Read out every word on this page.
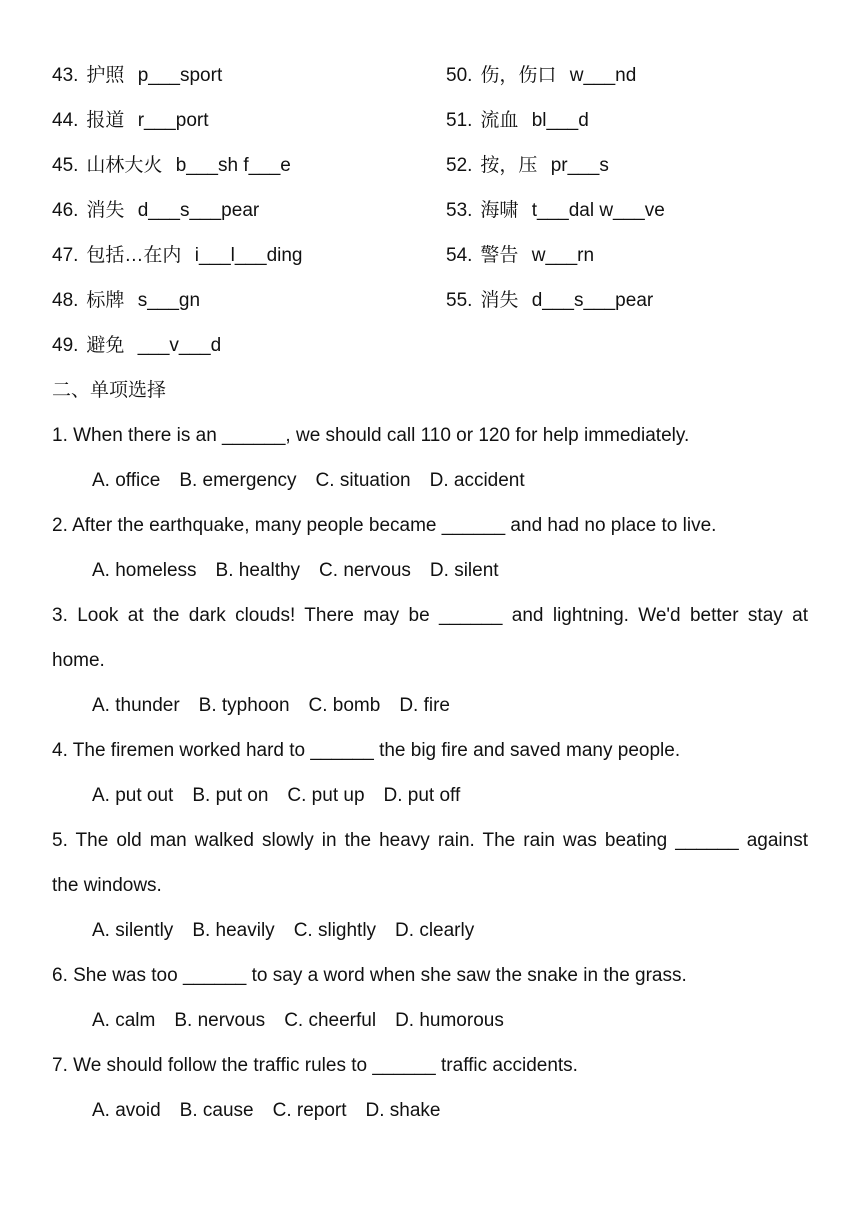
43. 护照 p___sport	50. 伤，伤口 w___nd
44. 报道 r___port	51. 流血 bl___d
45. 山林大火 b___sh f___e	52. 按，压 pr___s
46. 消失 d___s___pear	53. 海啸 t___dal w___ve
47. 包括…在内 i___l___ding	54. 警告 w___rn
48. 标牌 s___gn	55. 消失 d___s___pear
49. 避免 ___v___d
二、单项选择
1. When there is an ______, we should call 110 or 120 for help immediately.
A. office B. emergency C. situation D. accident
2. After the earthquake, many people became ______ and had no place to live.
A. homeless B. healthy C. nervous D. silent
3. Look at the dark clouds! There may be ______ and lightning. We'd better stay at
home.
A. thunder B. typhoon C. bomb D. fire
4. The firemen worked hard to ______ the big fire and saved many people.
A. put out B. put on C. put up D. put off
5. The old man walked slowly in the heavy rain. The rain was beating ______ against
the windows.
A. silently B. heavily C. slightly D. clearly
6. She was too ______ to say a word when she saw the snake in the grass.
A. calm B. nervous C. cheerful D. humorous
7. We should follow the traffic rules to ______ traffic accidents.
A. avoid B. cause C. report D. shake
